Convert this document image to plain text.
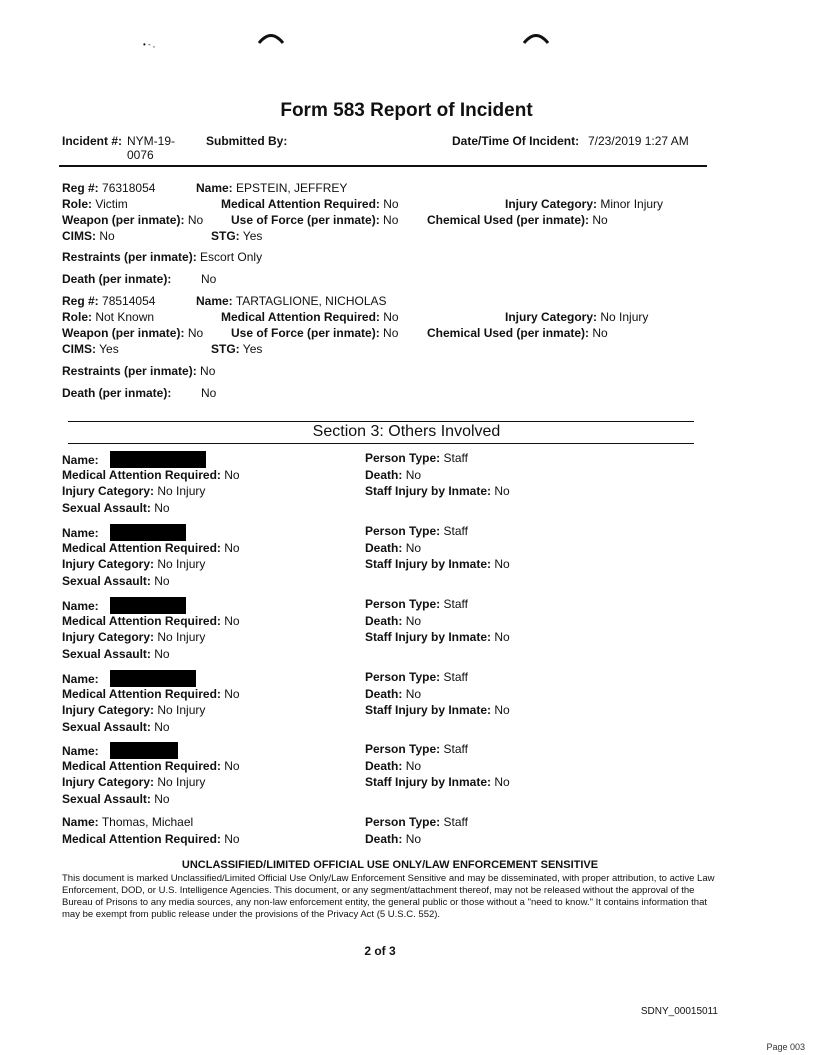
• - ,
Form 583 Report of Incident
Incident #: NYM-19-
0076
Submitted By:	Date/Time Of Incident: 7/23/2019 1:27 AM
Reg #: 76318054	Name: EPSTEIN, JEFFREY
Role: Victim	Medical Attention Required: No	Injury Category: Minor Injury
Weapon (per inmate): No Use of Force (per inmate): No Chemical Used (per inmate): No
CIMS: No	STG: Yes
Restraints (per inmate): Escort Only
Death (per inmate): No
Reg #: 78514054	Name: TARTAGLIONE, NICHOLAS
Role: Not Known	Medical Attention Required: No	Injury Category: No Injury
Weapon (per inmate): No Use of Force (per inmate): No Chemical Used (per inmate): No
CIMS: Yes	STG: Yes
Restraints (per inmate): No
Death (per inmate): No
Section 3: Others Involved
Name:	Person Type: Staff
Medical Attention Required: No	Death: No
Injury Category: No Injury	Staff Injury by Inmate: No
Sexual Assault: No
Name:	Person Type: Staff
Medical Attention Required: No	Death: No
Injury Category: No Injury	Staff Injury by Inmate: No
Sexual Assault: No
Name:	Person Type: Staff
Medical Attention Required: No	Death: No
Injury Category: No Injury	Staff Injury by Inmate: No
Sexual Assault: No
Name:	Person Type: Staff
Medical Attention Required: No	Death: No
Injury Category: No Injury	Staff Injury by Inmate: No
Sexual Assault: No
Name:	Person Type: Staff
Medical Attention Required: No	Death: No
Injury Category: No Injury	Staff Injury by Inmate: No
Sexual Assault: No
Name: Thomas, Michael	Person Type: Staff
Medical Attention Required: No	Death: No
UNCLASSIFIED/LIMITED OFFICIAL USE ONLY/LAW ENFORCEMENT SENSITIVE
This document is marked Unclassified/Limited Official Use Only/Law Enforcement Sensitive and may be disseminated, with proper attribution, to active Law Enforcement, DOD, or U.S. Intelligence Agencies. This document, or any segment/attachment thereof, may not be released without the approval of the Bureau of Prisons to any media sources, any non-law enforcement entity, the general public or those without a "need to know." It contains information that may be exempt from public release under the provisions of the Privacy Act (5 U.S.C. 552).
2 of 3
SDNY_00015011
Page 003
